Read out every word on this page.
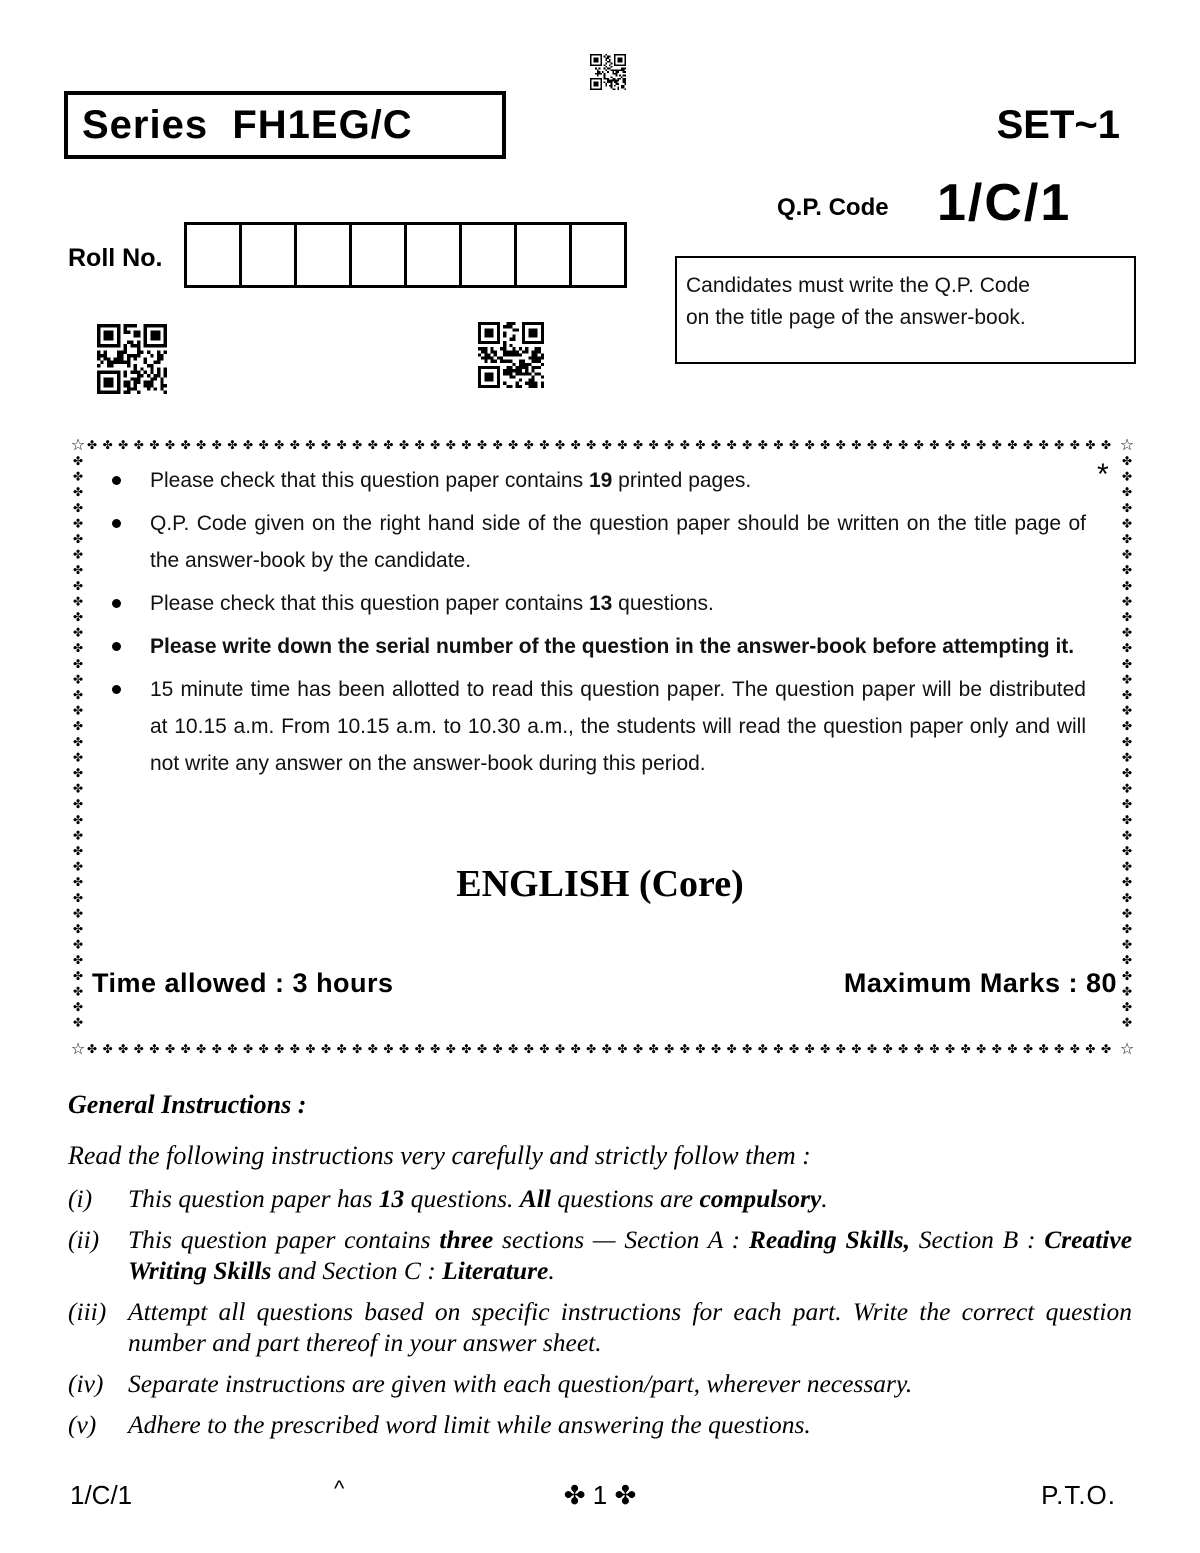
Series  FH1EG/C	SET~1
Q.P. Code 1/C/1
Roll No.
Candidates must write the Q.P. Code
on the title page of the answer-book.
✤
✤
✤
✤
✤
✤
✤
✤
✤
✤
✤
✤
✤
✤
✤
✤
✤
✤
✤
✤
✤
✤
✤
✤
✤
✤
✤
✤
✤
✤
✤
✤
✤
✤
✤
✤
✤
✤
✤
✤
✤
✤
✤
✤
✤
✤
✤
✤
✤
✤
✤
✤
✤
✤
✤
✤
✤
✤
✤
✤
✤
✤
✤
✤
✤
✤
✤
✤
✤
✤
✤
✤
✤
✤
✤
✤
✤
✤
✤
✤
✤
✤
✤
✤
✤
✤
✤
✤
✤
✤
✤
✤
✤
✤
✤
✤
✤
✤
✤
✤
✤
✤
✤
✤
✤
✤
✤
✤
✤
✤
✤
✤
✤
✤
✤
✤
✤
✤
✤
✤
✤
✤
✤
✤
✤
✤
✤
✤
✤
✤
✤
✤
✤	✤
✤	✤
✤	✤
✤	✤
✤	✤
✤	✤
✤	✤
✤	✤
✤	✤
✤	✤
✤	✤
✤	✤
✤	✤
✤	✤
✤	✤
✤	✤
✤	✤
✤	✤
✤	✤
✤	✤
✤	✤
✤	✤
✤	✤
✤	✤
✤	✤
✤	✤
✤	✤
✤	✤
✤	✤
✤	✤
✤	✤
✤	✤
✤	✤
✤	✤
✤	✤
✤	✤
✤	✤
☆	☆
☆	☆
*
Please check that this question paper contains 19 printed pages.
Q.P. Code given on the right hand side of the question paper should be written on the title page of the answer-book by the candidate.
Please check that this question paper contains 13 questions.
Please write down the serial number of the question in the answer-book before attempting it.
15 minute time has been allotted to read this question paper. The question paper will be distributed at 10.15 a.m. From 10.15 a.m. to 10.30 a.m., the students will read the question paper only and will not write any answer on the answer-book during this period.
ENGLISH (Core)
Time allowed : 3 hours	Maximum Marks : 80
General Instructions :
Read the following instructions very carefully and strictly follow them :
(i)	This question paper has 13 questions. All questions are compulsory.
(ii)	This question paper contains three sections — Section A : Reading Skills, Section B : Creative Writing Skills and Section C : Literature.
(iii) Attempt all questions based on specific instructions for each part. Write the correct question number and part thereof in your answer sheet.
(iv) Separate instructions are given with each question/part, wherever necessary.
(v)	Adhere to the prescribed word limit while answering the questions.
1/C/1	^	✤ 1 ✤	P.T.O.
